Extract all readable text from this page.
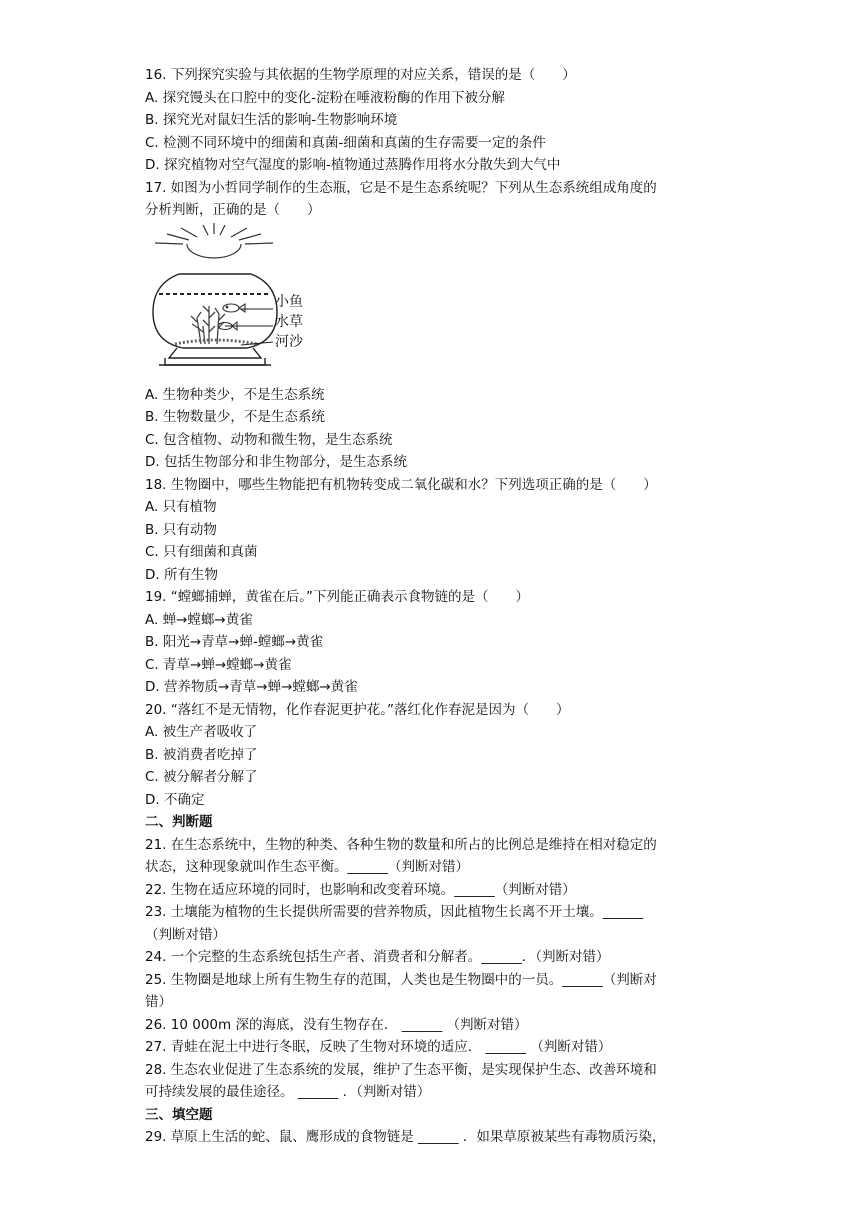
16. 下列探究实验与其依据的生物学原理的对应关系，错误的是（　　）
A. 探究馒头在口腔中的变化-淀粉在唾液粉酶的作用下被分解
B. 探究光对鼠妇生活的影响-生物影响环境
C. 检测不同环境中的细菌和真菌-细菌和真菌的生存需要一定的条件
D. 探究植物对空气湿度的影响-植物通过蒸腾作用将水分散失到大气中
17. 如图为小哲同学制作的生态瓶，它是不是生态系统呢？下列从生态系统组成角度的
分析判断，正确的是（　　）
小鱼
水草
河沙
A. 生物种类少，不是生态系统
B. 生物数量少，不是生态系统
C. 包含植物、动物和微生物，是生态系统
D. 包括生物部分和非生物部分，是生态系统
18. 生物圈中，哪些生物能把有机物转变成二氧化碳和水？下列选项正确的是（　　）
A. 只有植物
B. 只有动物
C. 只有细菌和真菌
D. 所有生物
19. “螳螂捕蝉，黄雀在后。”下列能正确表示食物链的是（　　）
A. 蝉→螳螂→黄雀
B. 阳光→青草→蝉-螳螂→黄雀
C. 青草→蝉→螳螂→黄雀
D. 营养物质→青草→蝉→螳螂→黄雀
20. “落红不是无情物，化作春泥更护花。”落红化作春泥是因为（　　）
A. 被生产者吸收了
B. 被消费者吃掉了
C. 被分解者分解了
D. 不确定
二、判断题
21. 在生态系统中，生物的种类、各种生物的数量和所占的比例总是维持在相对稳定的
状态，这种现象就叫作生态平衡。______（判断对错）
22. 生物在适应环境的同时，也影响和改变着环境。______（判断对错）
23. 土壤能为植物的生长提供所需要的营养物质，因此植物生长离不开土壤。______
（判断对错）
24. 一个完整的生态系统包括生产者、消费者和分解者。______．（判断对错）
25. 生物圈是地球上所有生物生存的范围，人类也是生物圈中的一员。______（判断对
错）
26. 10 000m 深的海底，没有生物存在． ______ （判断对错）
27. 青蛙在泥土中进行冬眠，反映了生物对环境的适应． ______ （判断对错）
28. 生态农业促进了生态系统的发展，维护了生态平衡，是实现保护生态、改善环境和
可持续发展的最佳途径。 ______ ．（判断对错）
三、填空题
29. 草原上生活的蛇、鼠、鹰形成的食物链是 ______ ．如果草原被某些有毒物质污染，
